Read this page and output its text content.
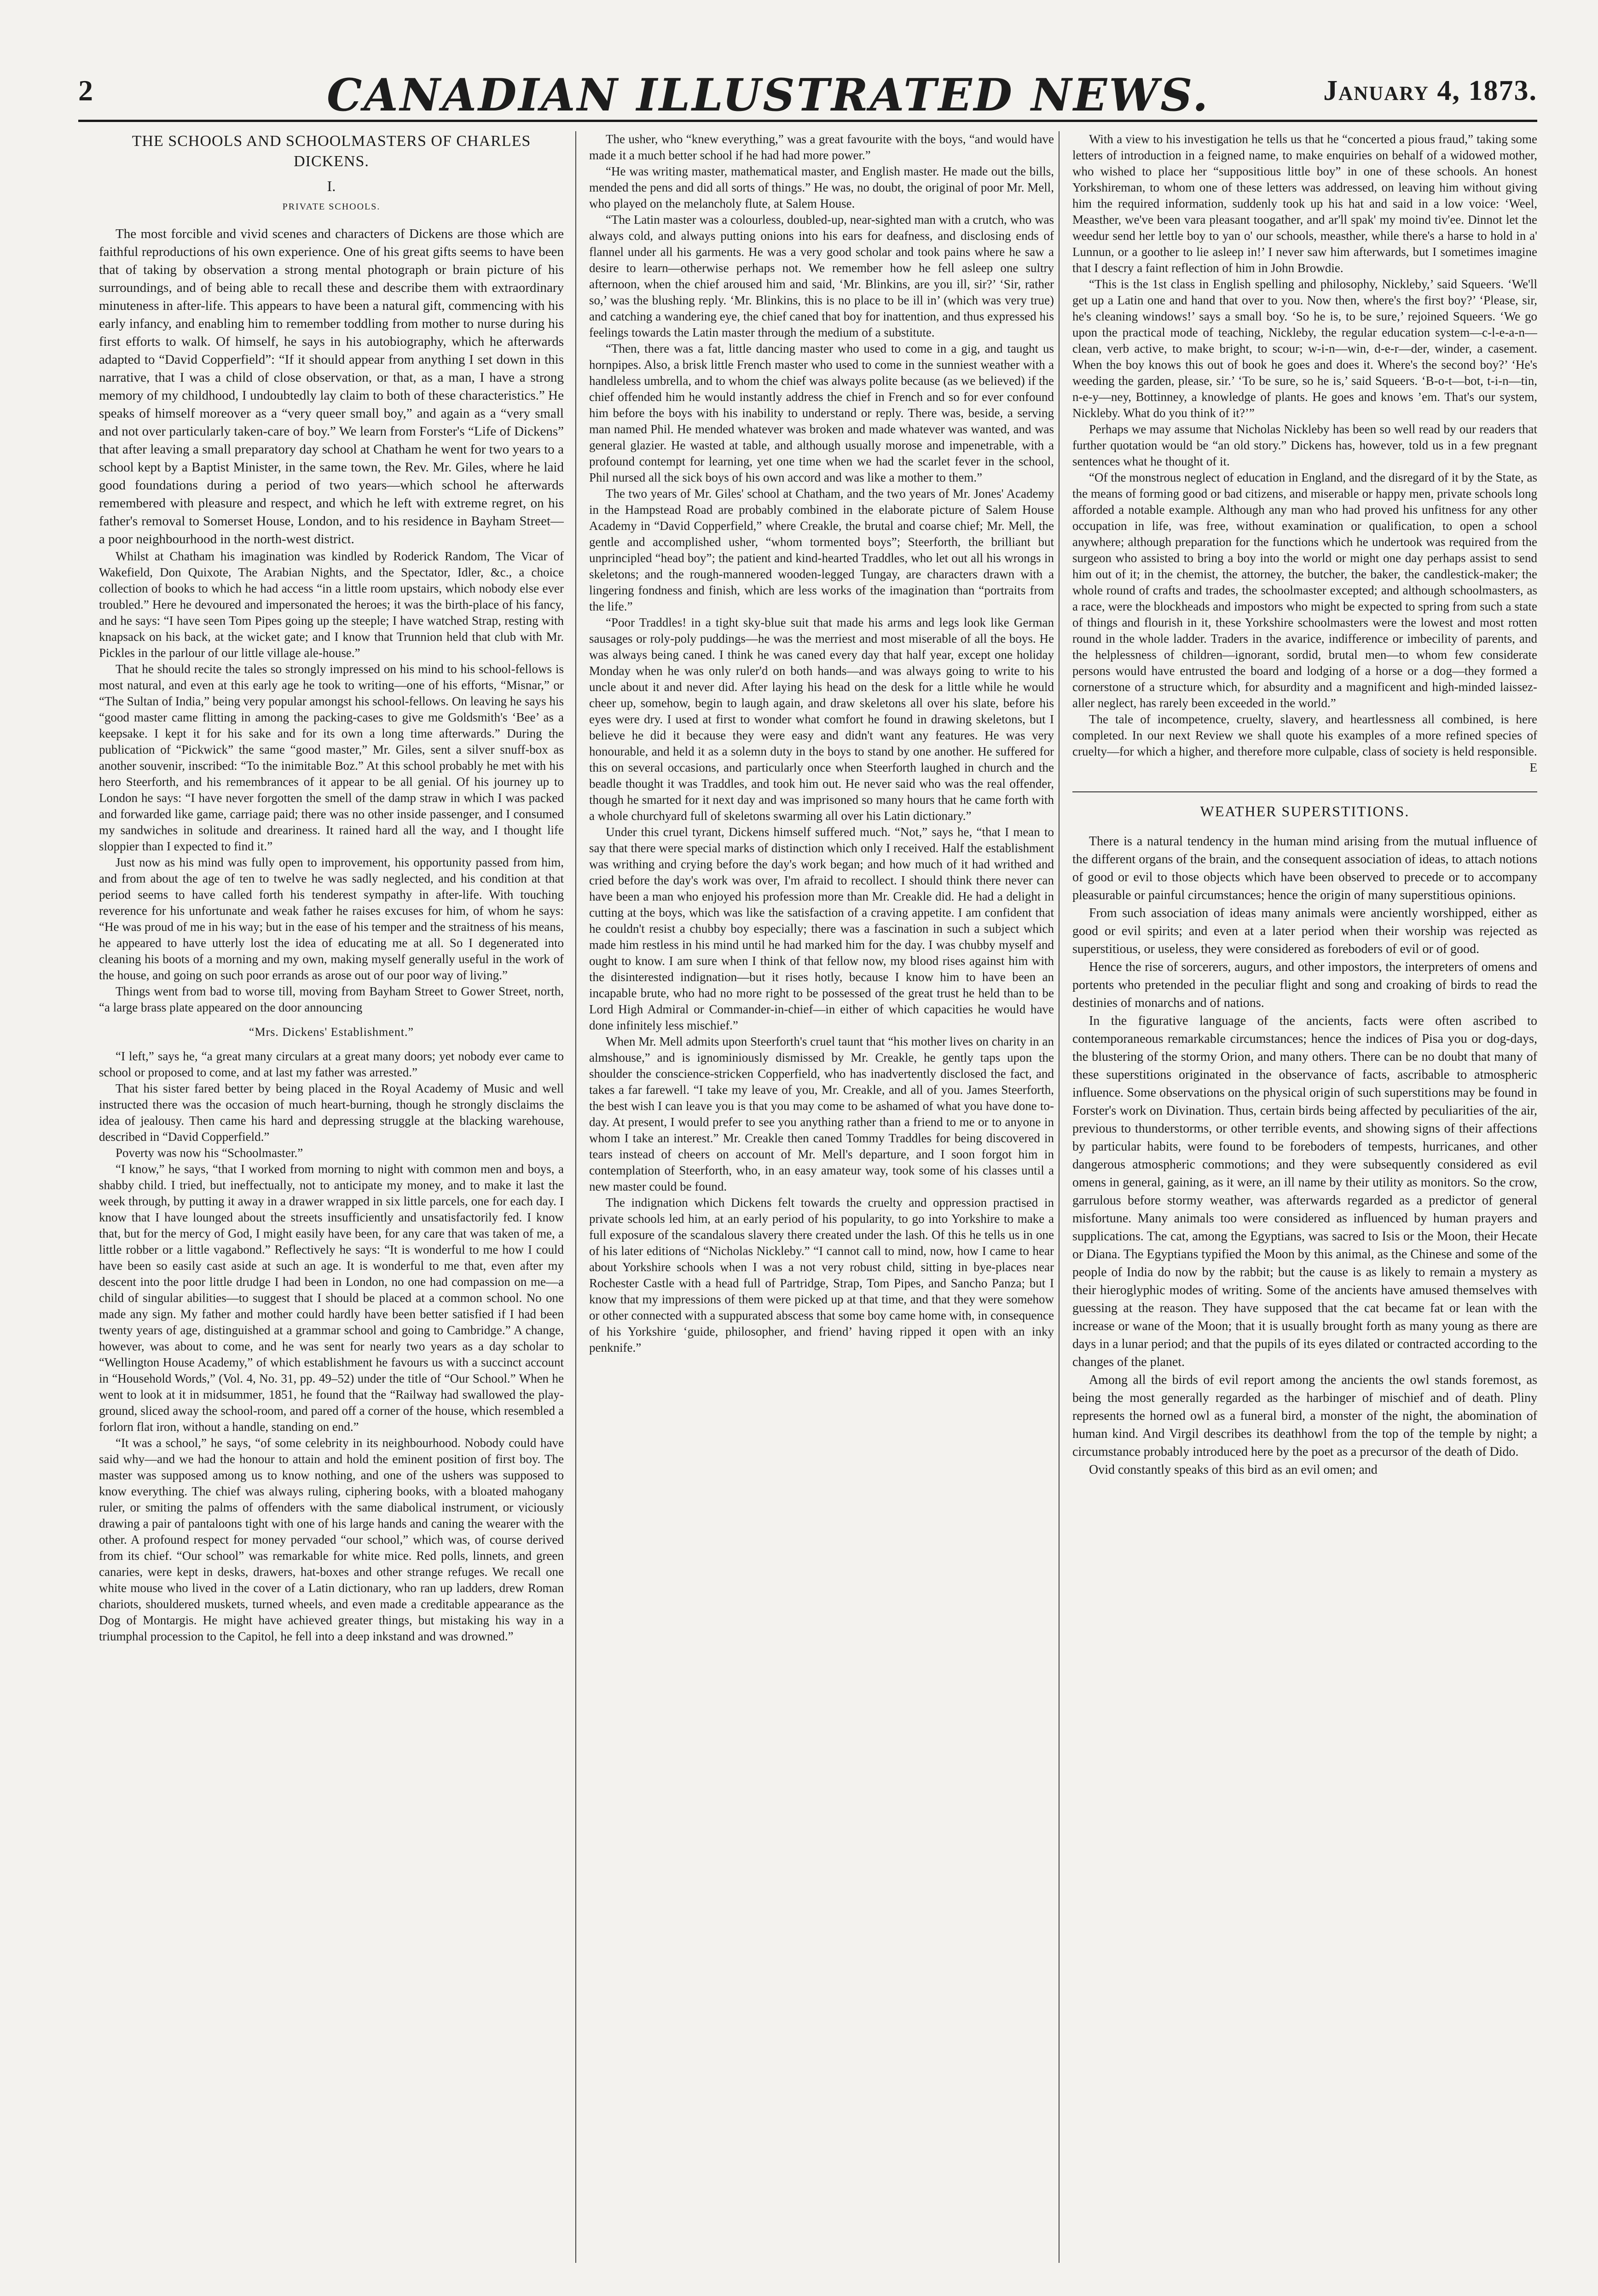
2	CANADIAN ILLUSTRATED NEWS.	January 4, 1873.
THE SCHOOLS AND SCHOOLMASTERS OF CHARLES DICKENS.
I.
PRIVATE SCHOOLS.

The most forcible and vivid scenes and characters of Dickens are those which are faithful reproductions of his own experience. One of his great gifts seems to have been that of taking by observation a strong mental photograph or brain picture of his surroundings, and of being able to recall these and describe them with extraordinary minuteness in after-life. This appears to have been a natural gift, commencing with his early infancy, and enabling him to remember toddling from mother to nurse during his first efforts to walk. Of himself, he says in his autobiography, which he afterwards adapted to “David Copperfield”: “If it should appear from anything I set down in this narrative, that I was a child of close observation, or that, as a man, I have a strong memory of my childhood, I undoubtedly lay claim to both of these characteristics.” He speaks of himself moreover as a “very queer small boy,” and again as a “very small and not over particularly taken-care of boy.” We learn from Forster's “Life of Dickens” that after leaving a small preparatory day school at Chatham he went for two years to a school kept by a Baptist Minister, in the same town, the Rev. Mr. Giles, where he laid good foundations during a period of two years—which school he afterwards remembered with pleasure and respect, and which he left with extreme regret, on his father's removal to Somerset House, London, and to his residence in Bayham Street—a poor neighbourhood in the north-west district.

Whilst at Chatham his imagination was kindled by Roderick Random, The Vicar of Wakefield, Don Quixote, The Arabian Nights, and the Spectator, Idler, &c., a choice collection of books to which he had access “in a little room upstairs, which nobody else ever troubled.” Here he devoured and impersonated the heroes; it was the birth-place of his fancy, and he says: “I have seen Tom Pipes going up the steeple; I have watched Strap, resting with knapsack on his back, at the wicket gate; and I know that Trunnion held that club with Mr. Pickles in the parlour of our little village ale-house.”

That he should recite the tales so strongly impressed on his mind to his school-fellows is most natural, and even at this early age he took to writing—one of his efforts, “Misnar,” or “The Sultan of India,” being very popular amongst his school-fellows. On leaving he says his “good master came flitting in among the packing-cases to give me Goldsmith's ‘Bee’ as a keepsake. I kept it for his sake and for its own a long time afterwards.” During the publication of “Pickwick” the same “good master,” Mr. Giles, sent a silver snuff-box as another souvenir, inscribed: “To the inimitable Boz.” At this school probably he met with his hero Steerforth, and his remembrances of it appear to be all genial. Of his journey up to London he says: “I have never forgotten the smell of the damp straw in which I was packed and forwarded like game, carriage paid; there was no other inside passenger, and I consumed my sandwiches in solitude and dreariness. It rained hard all the way, and I thought life sloppier than I expected to find it.”

Just now as his mind was fully open to improvement, his opportunity passed from him, and from about the age of ten to twelve he was sadly neglected, and his condition at that period seems to have called forth his tenderest sympathy in after-life. With touching reverence for his unfortunate and weak father he raises excuses for him, of whom he says: “He was proud of me in his way; but in the ease of his temper and the straitness of his means, he appeared to have utterly lost the idea of educating me at all. So I degenerated into cleaning his boots of a morning and my own, making myself generally useful in the work of the house, and going on such poor errands as arose out of our poor way of living.”

Things went from bad to worse till, moving from Bayham Street to Gower Street, north, “a large brass plate appeared on the door announcing

“Mrs. Dickens' Establishment.”

“I left,” says he, “a great many circulars at a great many doors; yet nobody ever came to school or proposed to come, and at last my father was arrested.”

That his sister fared better by being placed in the Royal Academy of Music and well instructed there was the occasion of much heart-burning, though he strongly disclaims the idea of jealousy. Then came his hard and depressing struggle at the blacking warehouse, described in “David Copperfield.”

Poverty was now his “Schoolmaster.”

“I know,” he says, “that I worked from morning to night with common men and boys, a shabby child. I tried, but ineffectually, not to anticipate my money, and to make it last the week through, by putting it away in a drawer wrapped in six little parcels, one for each day. I know that I have lounged about the streets insufficiently and unsatisfactorily fed. I know that, but for the mercy of God, I might easily have been, for any care that was taken of me, a little robber or a little vagabond.” Reflectively he says: “It is wonderful to me how I could have been so easily cast aside at such an age. It is wonderful to me that, even after my descent into the poor little drudge I had been in London, no one had compassion on me—a child of singular abilities—to suggest that I should be placed at a common school. No one made any sign. My father and mother could hardly have been better satisfied if I had been twenty years of age, distinguished at a grammar school and going to Cambridge.” A change, however, was about to come, and he was sent for nearly two years as a day scholar to “Wellington House Academy,” of which establishment he favours us with a succinct account in “Household Words,” (Vol. 4, No. 31, pp. 49–52) under the title of “Our School.” When he went to look at it in midsummer, 1851, he found that the “Railway had swallowed the play-ground, sliced away the school-room, and pared off a corner of the house, which resembled a forlorn flat iron, without a handle, standing on end.”

“It was a school,” he says, “of some celebrity in its neighbourhood. Nobody could have said why—and we had the honour to attain and hold the eminent position of first boy. The master was supposed among us to know nothing, and one of the ushers was supposed to know everything. The chief was always ruling, ciphering books, with a bloated mahogany ruler, or smiting the palms of offenders with the same diabolical instrument, or viciously drawing a pair of pantaloons tight with one of his large hands and caning the wearer with the other. A profound respect for money pervaded “our school,” which was, of course derived from its chief. “Our school” was remarkable for white mice. Red polls, linnets, and green canaries, were kept in desks, drawers, hat-boxes and other strange refuges. We recall one white mouse who lived in the cover of a Latin dictionary, who ran up ladders, drew Roman chariots, shouldered muskets, turned wheels, and even made a creditable appearance as the Dog of Montargis. He might have achieved greater things, but mistaking his way in a triumphal procession to the Capitol, he fell into a deep inkstand and was drowned.”

The usher, who “knew everything,” was a great favourite with the boys, “and would have made it a much better school if he had had more power.”

“He was writing master, mathematical master, and English master. He made out the bills, mended the pens and did all sorts of things.” He was, no doubt, the original of poor Mr. Mell, who played on the melancholy flute, at Salem House.

“The Latin master was a colourless, doubled-up, near-sighted man with a crutch, who was always cold, and always putting onions into his ears for deafness, and disclosing ends of flannel under all his garments. He was a very good scholar and took pains where he saw a desire to learn—otherwise perhaps not. We remember how he fell asleep one sultry afternoon, when the chief aroused him and said, ‘Mr. Blinkins, are you ill, sir?’ ‘Sir, rather so,’ was the blushing reply. ‘Mr. Blinkins, this is no place to be ill in’ (which was very true) and catching a wandering eye, the chief caned that boy for inattention, and thus expressed his feelings towards the Latin master through the medium of a substitute.

“Then, there was a fat, little dancing master who used to come in a gig, and taught us hornpipes. Also, a brisk little French master who used to come in the sunniest weather with a handleless umbrella, and to whom the chief was always polite because (as we believed) if the chief offended him he would instantly address the chief in French and so for ever confound him before the boys with his inability to understand or reply. There was, beside, a serving man named Phil. He mended whatever was broken and made whatever was wanted, and was general glazier. He wasted at table, and although usually morose and impenetrable, with a profound contempt for learning, yet one time when we had the scarlet fever in the school, Phil nursed all the sick boys of his own accord and was like a mother to them.”

The two years of Mr. Giles' school at Chatham, and the two years of Mr. Jones' Academy in the Hampstead Road are probably combined in the elaborate picture of Salem House Academy in “David Copperfield,” where Creakle, the brutal and coarse chief; Mr. Mell, the gentle and accomplished usher, “whom tormented boys”; Steerforth, the brilliant but unprincipled “head boy”; the patient and kind-hearted Traddles, who let out all his wrongs in skeletons; and the rough-mannered wooden-legged Tungay, are characters drawn with a lingering fondness and finish, which are less works of the imagination than “portraits from the life.”

“Poor Traddles! in a tight sky-blue suit that made his arms and legs look like German sausages or roly-poly puddings—he was the merriest and most miserable of all the boys. He was always being caned. I think he was caned every day that half year, except one holiday Monday when he was only ruler'd on both hands—and was always going to write to his uncle about it and never did. After laying his head on the desk for a little while he would cheer up, somehow, begin to laugh again, and draw skeletons all over his slate, before his eyes were dry. I used at first to wonder what comfort he found in drawing skeletons, but I believe he did it because they were easy and didn't want any features. He was very honourable, and held it as a solemn duty in the boys to stand by one another. He suffered for this on several occasions, and particularly once when Steerforth laughed in church and the beadle thought it was Traddles, and took him out. He never said who was the real offender, though he smarted for it next day and was imprisoned so many hours that he came forth with a whole churchyard full of skeletons swarming all over his Latin dictionary.”

Under this cruel tyrant, Dickens himself suffered much. “Not,” says he, “that I mean to say that there were special marks of distinction which only I received. Half the establishment was writhing and crying before the day's work began; and how much of it had writhed and cried before the day's work was over, I'm afraid to recollect. I should think there never can have been a man who enjoyed his profession more than Mr. Creakle did. He had a delight in cutting at the boys, which was like the satisfaction of a craving appetite. I am confident that he couldn't resist a chubby boy especially; there was a fascination in such a subject which made him restless in his mind until he had marked him for the day. I was chubby myself and ought to know. I am sure when I think of that fellow now, my blood rises against him with the disinterested indignation—but it rises hotly, because I know him to have been an incapable brute, who had no more right to be possessed of the great trust he held than to be Lord High Admiral or Commander-in-chief—in either of which capacities he would have done infinitely less mischief.”

When Mr. Mell admits upon Steerforth's cruel taunt that “his mother lives on charity in an almshouse,” and is ignominiously dismissed by Mr. Creakle, he gently taps upon the shoulder the conscience-stricken Copperfield, who has inadvertently disclosed the fact, and takes a far farewell. “I take my leave of you, Mr. Creakle, and all of you. James Steerforth, the best wish I can leave you is that you may come to be ashamed of what you have done to-day. At present, I would prefer to see you anything rather than a friend to me or to anyone in whom I take an interest.” Mr. Creakle then caned Tommy Traddles for being discovered in tears instead of cheers on account of Mr. Mell's departure, and I soon forgot him in contemplation of Steerforth, who, in an easy amateur way, took some of his classes until a new master could be found.

The indignation which Dickens felt towards the cruelty and oppression practised in private schools led him, at an early period of his popularity, to go into Yorkshire to make a full exposure of the scandalous slavery there created under the lash. Of this he tells us in one of his later editions of “Nicholas Nickleby.” “I cannot call to mind, now, how I came to hear about Yorkshire schools when I was a not very robust child, sitting in bye-places near Rochester Castle with a head full of Partridge, Strap, Tom Pipes, and Sancho Panza; but I know that my impressions of them were picked up at that time, and that they were somehow or other connected with a suppurated abscess that some boy came home with, in consequence of his Yorkshire ‘guide, philosopher, and friend’ having ripped it open with an inky penknife.”

With a view to his investigation he tells us that he “concerted a pious fraud,” taking some letters of introduction in a feigned name, to make enquiries on behalf of a widowed mother, who wished to place her “suppositious little boy” in one of these schools. An honest Yorkshireman, to whom one of these letters was addressed, on leaving him without giving him the required information, suddenly took up his hat and said in a low voice: ‘Weel, Measther, we've been vara pleasant toogather, and ar'll spak' my moind tiv'ee. Dinnot let the weedur send her lettle boy to yan o' our schools, measther, while there's a harse to hold in a' Lunnun, or a goother to lie asleep in!’ I never saw him afterwards, but I sometimes imagine that I descry a faint reflection of him in John Browdie.

“This is the 1st class in English spelling and philosophy, Nickleby,’ said Squeers. ‘We'll get up a Latin one and hand that over to you. Now then, where's the first boy?’ ‘Please, sir, he's cleaning windows!’ says a small boy. ‘So he is, to be sure,’ rejoined Squeers. ‘We go upon the practical mode of teaching, Nickleby, the regular education system—c-l-e-a-n—clean, verb active, to make bright, to scour; w-i-n—win, d-e-r—der, winder, a casement. When the boy knows this out of book he goes and does it. Where's the second boy?’ ‘He's weeding the garden, please, sir.’ ‘To be sure, so he is,’ said Squeers. ‘B-o-t—bot, t-i-n—tin, n-e-y—ney, Bottinney, a knowledge of plants. He goes and knows ’em. That's our system, Nickleby. What do you think of it?’”

Perhaps we may assume that Nicholas Nickleby has been so well read by our readers that further quotation would be “an old story.” Dickens has, however, told us in a few pregnant sentences what he thought of it.

“Of the monstrous neglect of education in England, and the disregard of it by the State, as the means of forming good or bad citizens, and miserable or happy men, private schools long afforded a notable example. Although any man who had proved his unfitness for any other occupation in life, was free, without examination or qualification, to open a school anywhere; although preparation for the functions which he undertook was required from the surgeon who assisted to bring a boy into the world or might one day perhaps assist to send him out of it; in the chemist, the attorney, the butcher, the baker, the candlestick-maker; the whole round of crafts and trades, the schoolmaster excepted; and although schoolmasters, as a race, were the blockheads and impostors who might be expected to spring from such a state of things and flourish in it, these Yorkshire schoolmasters were the lowest and most rotten round in the whole ladder. Traders in the avarice, indifference or imbecility of parents, and the helplessness of children—ignorant, sordid, brutal men—to whom few considerate persons would have entrusted the board and lodging of a horse or a dog—they formed a cornerstone of a structure which, for absurdity and a magnificent and high-minded laissez-aller neglect, has rarely been exceeded in the world.”

The tale of incompetence, cruelty, slavery, and heartlessness all combined, is here completed. In our next Review we shall quote his examples of a more refined species of cruelty—for which a higher, and therefore more culpable, class of society is held responsible.

E
WEATHER SUPERSTITIONS.

There is a natural tendency in the human mind arising from the mutual influence of the different organs of the brain, and the consequent association of ideas, to attach notions of good or evil to those objects which have been observed to precede or to accompany pleasurable or painful circumstances; hence the origin of many superstitious opinions.

From such association of ideas many animals were anciently worshipped, either as good or evil spirits; and even at a later period when their worship was rejected as superstitious, or useless, they were considered as foreboders of evil or of good.

Hence the rise of sorcerers, augurs, and other impostors, the interpreters of omens and portents who pretended in the peculiar flight and song and croaking of birds to read the destinies of monarchs and of nations.

In the figurative language of the ancients, facts were often ascribed to contemporaneous remarkable circumstances; hence the indices of Pisa you or dog-days, the blustering of the stormy Orion, and many others. There can be no doubt that many of these superstitions originated in the observance of facts, ascribable to atmospheric influence. Some observations on the physical origin of such superstitions may be found in Forster's work on Divination. Thus, certain birds being affected by peculiarities of the air, previous to thunderstorms, or other terrible events, and showing signs of their affections by particular habits, were found to be foreboders of tempests, hurricanes, and other dangerous atmospheric commotions; and they were subsequently considered as evil omens in general, gaining, as it were, an ill name by their utility as monitors. So the crow, garrulous before stormy weather, was afterwards regarded as a predictor of general misfortune. Many animals too were considered as influenced by human prayers and supplications. The cat, among the Egyptians, was sacred to Isis or the Moon, their Hecate or Diana. The Egyptians typified the Moon by this animal, as the Chinese and some of the people of India do now by the rabbit; but the cause is as likely to remain a mystery as their hieroglyphic modes of writing. Some of the ancients have amused themselves with guessing at the reason. They have supposed that the cat became fat or lean with the increase or wane of the Moon; that it is usually brought forth as many young as there are days in a lunar period; and that the pupils of its eyes dilated or contracted according to the changes of the planet.

Among all the birds of evil report among the ancients the owl stands foremost, as being the most generally regarded as the harbinger of mischief and of death. Pliny represents the horned owl as a funeral bird, a monster of the night, the abomination of human kind. And Virgil describes its deathhowl from the top of the temple by night; a circumstance probably introduced here by the poet as a precursor of the death of Dido.

Ovid constantly speaks of this bird as an evil omen; and
